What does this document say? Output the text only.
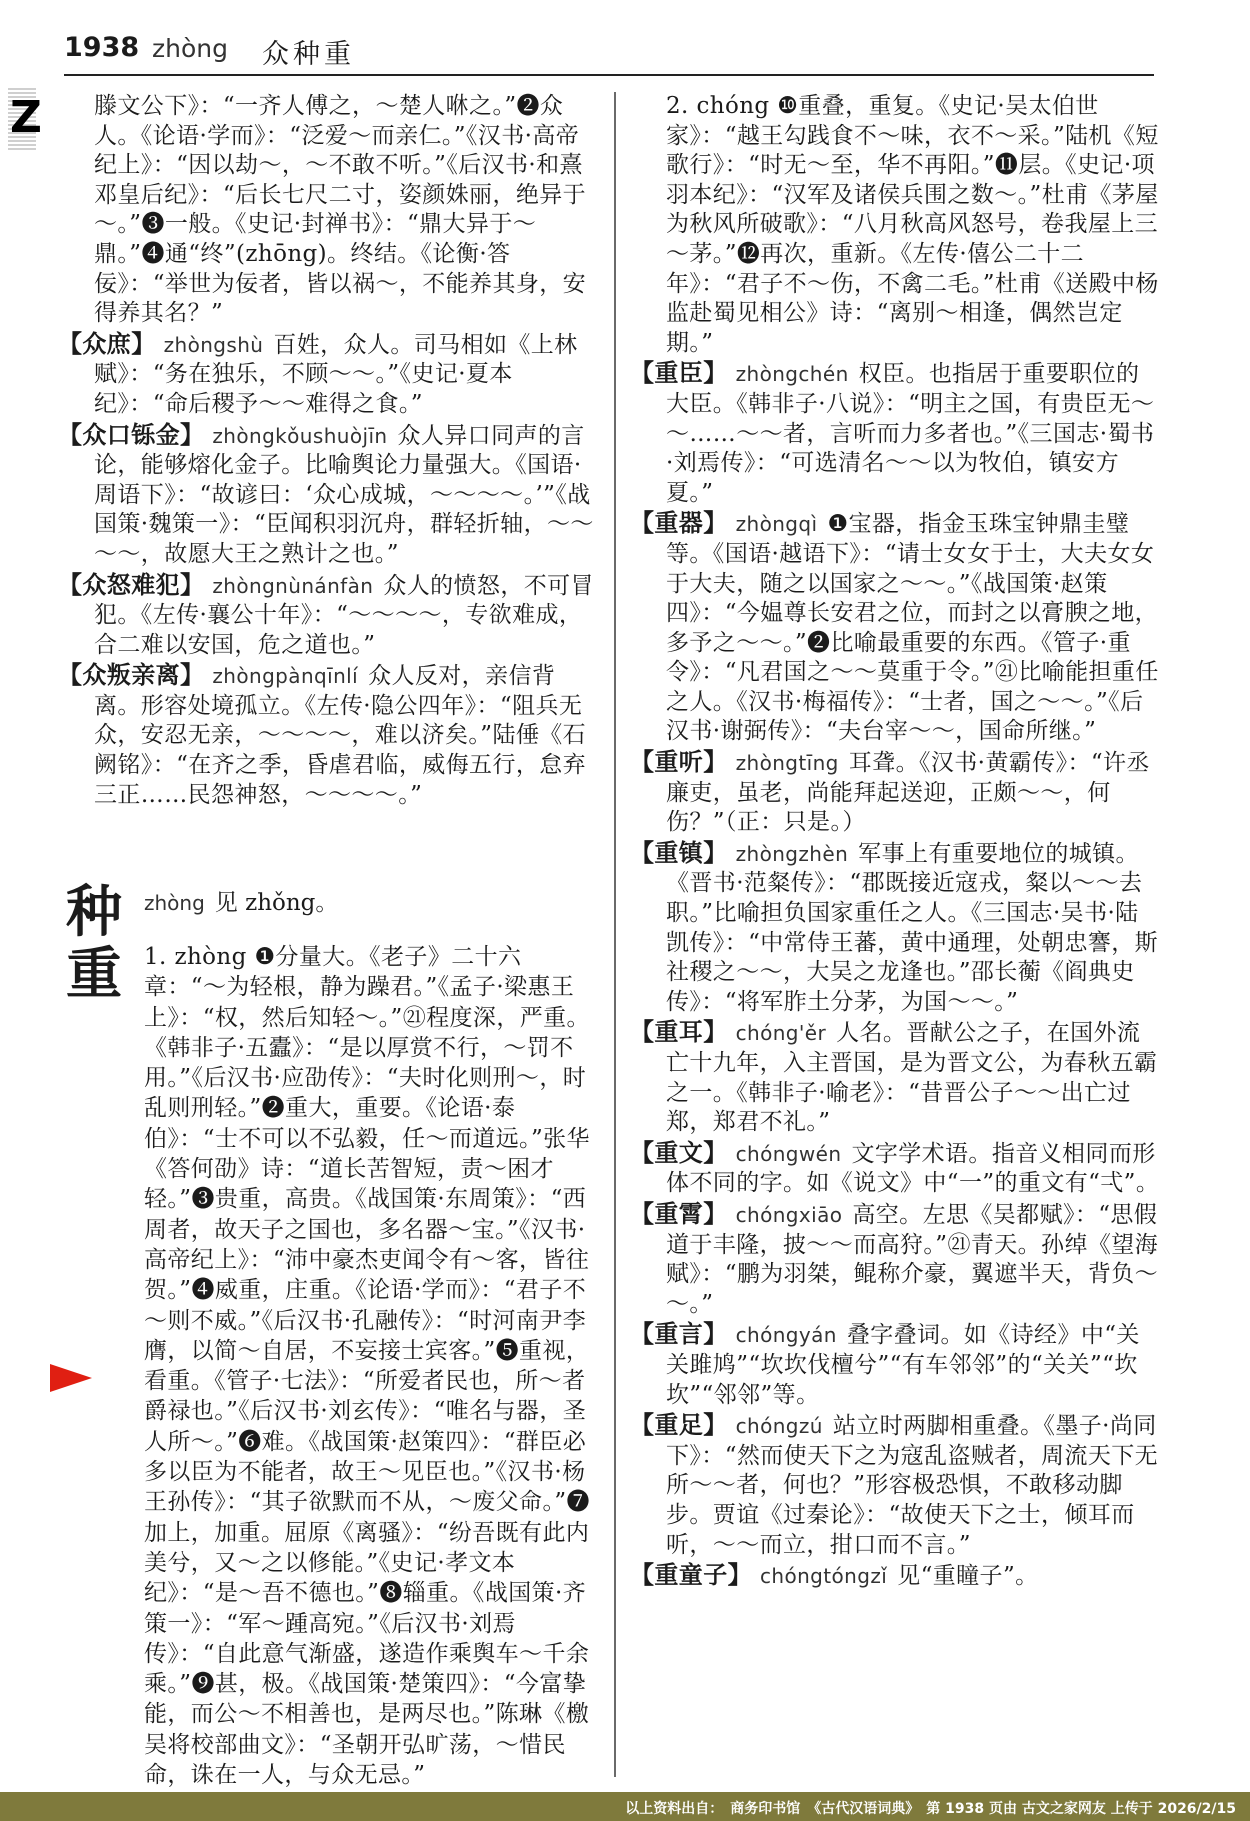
1938 zhòng 众种重
Z	滕文公下》：“一齐人傅之，～楚人咻之。”❷众人。《论语·学而》：“泛爱～而亲仁。”《汉书·高帝纪上》：“因以劫～，～不敢不听。”《后汉书·和熹邓皇后纪》：“后长七尺二寸，姿颜姝丽，绝异于～。”❸一般。《史记·封禅书》：“鼎大异于～鼎。”❹通“终”(zhōng)。终结。《论衡·答佞》：“举世为佞者，皆以祸～，不能养其身，安得养其名？”

【众庶】 zhòngshù 百姓，众人。司马相如《上林赋》：“务在独乐，不顾～～。”《史记·夏本纪》：“命后稷予～～难得之食。”

【众口铄金】 zhòngkǒushuòjīn 众人异口同声的言论，能够熔化金子。比喻舆论力量强大。《国语·周语下》：“故谚曰：‘众心成城，～～～～。’”《战国策·魏策一》：“臣闻积羽沉舟，群轻折轴，～～～～，故愿大王之熟计之也。”

【众怒难犯】 zhòngnùnánfàn 众人的愤怒，不可冒犯。《左传·襄公十年》：“～～～～，专欲难成，合二难以安国，危之道也。”

【众叛亲离】 zhòngpànqīnlí 众人反对，亲信背离。形容处境孤立。《左传·隐公四年》：“阻兵无众，安忍无亲，～～～～，难以济矣。”陆倕《石阙铭》：“在齐之季，昏虐君临，威侮五行，怠弃三正……民怨神怒，～～～～。”

种
重
zhòng 见 zhǒng。

1. zhòng ❶分量大。《老子》二十六章：“～为轻根，静为躁君。”《孟子·梁惠王上》：“权，然后知轻～。”㉑程度深，严重。《韩非子·五蠹》：“是以厚赏不行，～罚不用。”《后汉书·应劭传》：“夫时化则刑～，时乱则刑轻。”❷重大，重要。《论语·泰伯》：“士不可以不弘毅，任～而道远。”张华《答何劭》诗：“道长苦智短，责～困才轻。”❸贵重，高贵。《战国策·东周策》：“西周者，故天子之国也，多名器～宝。”《汉书·高帝纪上》：“沛中豪杰吏闻令有～客，皆往贺。”❹威重，庄重。《论语·学而》：“君子不～则不威。”《后汉书·孔融传》：“时河南尹李膺，以简～自居，不妄接士宾客。”❺重视，看重。《管子·七法》：“所爱者民也，所～者爵禄也。”《后汉书·刘玄传》：“唯名与器，圣人所～。”❻难。《战国策·赵策四》：“群臣必多以臣为不能者，故王～见臣也。”《汉书·杨王孙传》：“其子欲默而不从，～废父命。”❼加上，加重。屈原《离骚》：“纷吾既有此内美兮，又～之以修能。”《史记·孝文本纪》：“是～吾不德也。”❽辎重。《战国策·齐策一》：“军～踵高宛。”《后汉书·刘焉传》：“自此意气渐盛，遂造作乘舆车～千余乘。”❾甚，极。《战国策·楚策四》：“今富挚能，而公～不相善也，是两尽也。”陈琳《檄吴将校部曲文》：“圣朝开弘旷荡，～惜民命，诛在一人，与众无忌。”

2. chóng ❿重叠，重复。《史记·吴太伯世家》：“越王勾践食不～味，衣不～采。”陆机《短歌行》：“时无～至，华不再阳。”⓫层。《史记·项羽本纪》：“汉军及诸侯兵围之数～。”杜甫《茅屋为秋风所破歌》：“八月秋高风怒号，卷我屋上三～茅。”⓬再次，重新。《左传·僖公二十二年》：“君子不～伤，不禽二毛。”杜甫《送殿中杨监赴蜀见相公》诗：“离别～相逢，偶然岂定期。”

【重臣】 zhòngchén 权臣。也指居于重要职位的大臣。《韩非子·八说》：“明主之国，有贵臣无～～……～～者，言听而力多者也。”《三国志·蜀书·刘焉传》：“可选清名～～以为牧伯，镇安方夏。”

【重器】 zhòngqì ❶宝器，指金玉珠宝钟鼎圭璧等。《国语·越语下》：“请士女女于士，大夫女女于大夫，随之以国家之～～。”《战国策·赵策四》：“今媪尊长安君之位，而封之以膏腴之地，多予之～～。”❷比喻最重要的东西。《管子·重令》：“凡君国之～～莫重于令。”㉑比喻能担重任之人。《汉书·梅福传》：“士者，国之～～。”《后汉书·谢弼传》：“夫台宰～～，国命所继。”

【重听】 zhòngtīng 耳聋。《汉书·黄霸传》：“许丞廉吏，虽老，尚能拜起送迎，正颇～～，何伤？”（正：只是。）

【重镇】 zhòngzhèn 军事上有重要地位的城镇。《晋书·范粲传》：“郡既接近寇戎，粲以～～去职。”比喻担负国家重任之人。《三国志·吴书·陆凯传》：“中常侍王蕃，黄中通理，处朝忠謇，斯社稷之～～，大吴之龙逢也。”邵长蘅《阎典史传》：“将军胙土分茅，为国～～。”

【重耳】 chóng'ěr 人名。晋献公之子，在国外流亡十九年，入主晋国，是为晋文公，为春秋五霸之一。《韩非子·喻老》：“昔晋公子～～出亡过郑，郑君不礼。”

【重文】 chóngwén 文字学术语。指音义相同而形体不同的字。如《说文》中“一”的重文有“弌”。

【重霄】 chóngxiāo 高空。左思《吴都赋》：“思假道于丰隆，披～～而高狩。”㉑青天。孙绰《望海赋》：“鹏为羽桀，鲲称介豪，翼遮半天，背负～～。”

【重言】 chóngyán 叠字叠词。如《诗经》中“关关雎鸠”“坎坎伐檀兮”“有车邻邻”的“关关”“坎坎”“邻邻”等。

【重足】 chóngzú 站立时两脚相重叠。《墨子·尚同下》：“然而使天下之为寇乱盗贼者，周流天下无所～～者，何也？”形容极恐惧，不敢移动脚步。贾谊《过秦论》：“故使天下之士，倾耳而听，～～而立，拑口而不言。”

【重童子】 chóngtóngzǐ 见“重瞳子”。

以上资料出自：　商务印书馆　《古代汉语词典》　第 1938 页由 古文之家网友 上传于 2026/2/15
